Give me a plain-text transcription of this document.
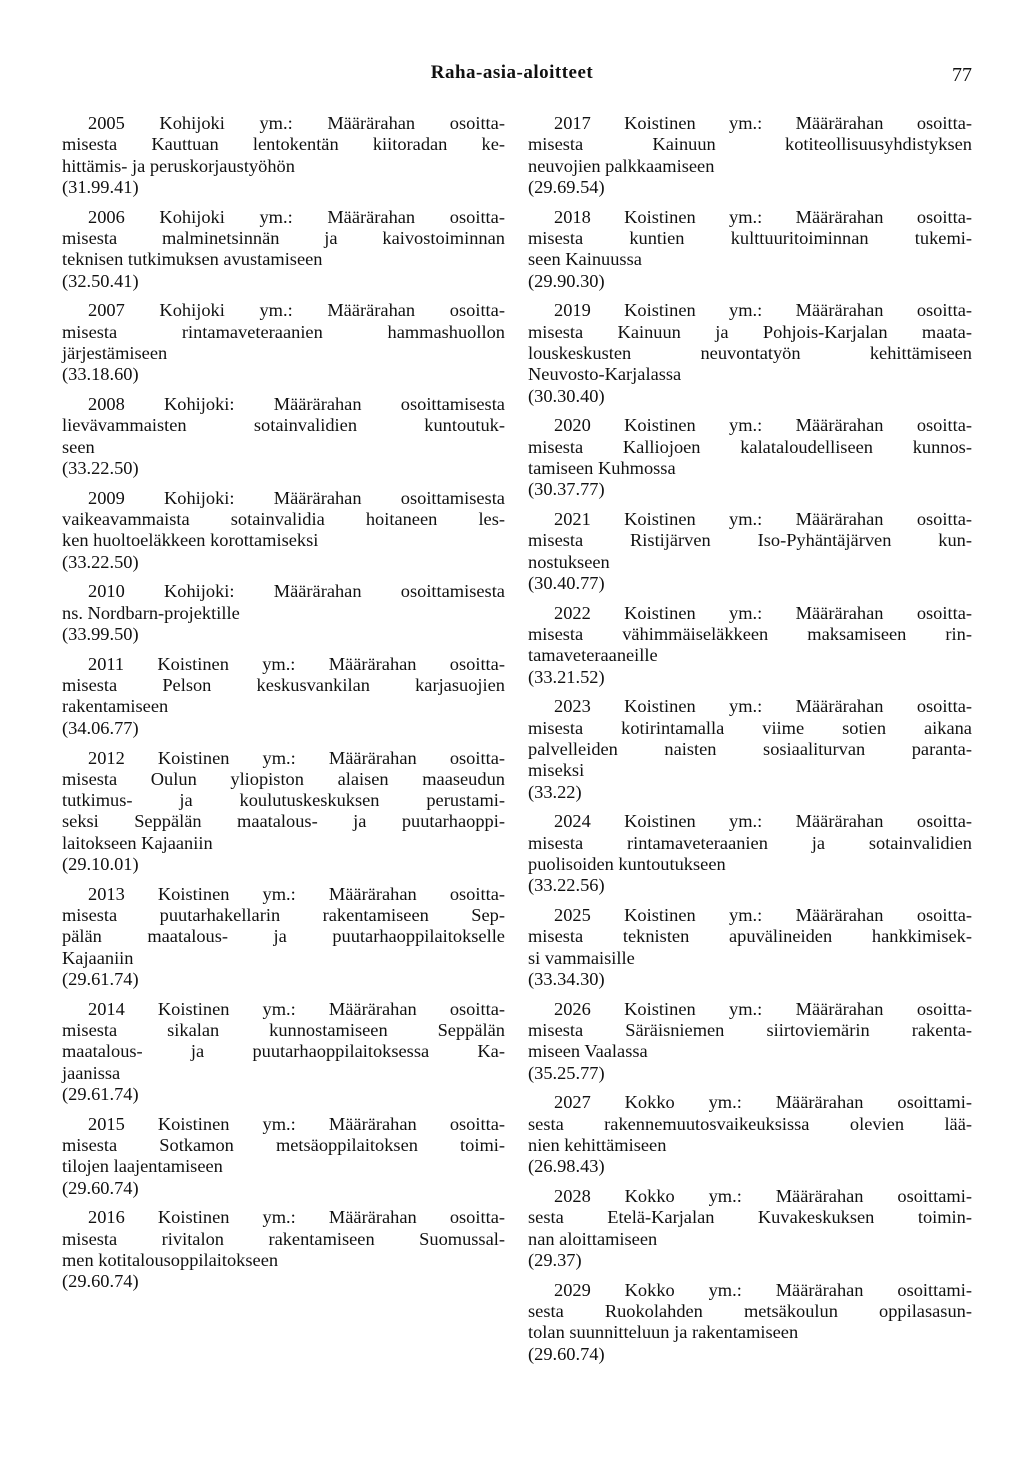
Raha-asia-aloitteet	77
2005 Kohijoki ym.: Määrärahan osoitta-
misesta Kauttuan lentokentän kiitoradan ke-
hittämis- ja peruskorjaustyöhön
(31.99.41)
2006 Kohijoki ym.: Määrärahan osoitta-
misesta malminetsinnän ja kaivostoiminnan
teknisen tutkimuksen avustamiseen
(32.50.41)
2007 Kohijoki ym.: Määrärahan osoitta-
misesta	rintamaveteraanien	hammashuollon
järjestämiseen
(33.18.60)
2008 Kohijoki: Määrärahan osoittamisesta
lievävammaisten	sotainvalidien	kuntoutuk-
seen
(33.22.50)
2009 Kohijoki: Määrärahan osoittamisesta
vaikeavammaista sotainvalidia hoitaneen les-
ken huoltoeläkkeen korottamiseksi
(33.22.50)
2010 Kohijoki: Määrärahan osoittamisesta
ns. Nordbarn-projektille
(33.99.50)
2011 Koistinen ym.: Määrärahan osoitta-
misesta Pelson keskusvankilan karjasuojien
rakentamiseen
(34.06.77)
2012 Koistinen ym.: Määrärahan osoitta-
misesta Oulun yliopiston alaisen maaseudun
tutkimus-	ja	koulutuskeskuksen	perustami-
seksi Seppälän maatalous- ja puutarhaoppi-
laitokseen Kajaaniin
(29.10.01)
2013 Koistinen ym.: Määrärahan osoitta-
misesta puutarhakellarin rakentamiseen Sep-
pälän maatalous- ja puutarhaoppilaitokselle
Kajaaniin
(29.61.74)
2014 Koistinen ym.: Määrärahan osoitta-
misesta	sikalan	kunnostamiseen	Seppälän
maatalous-	ja	puutarhaoppilaitoksessa	Ka-
jaanissa
(29.61.74)
2015 Koistinen ym.: Määrärahan osoitta-
misesta Sotkamon metsäoppilaitoksen toimi-
tilojen laajentamiseen
(29.60.74)
2016 Koistinen ym.: Määrärahan osoitta-
misesta rivitalon rakentamiseen Suomussal-
men kotitalousoppilaitokseen
(29.60.74)
2017 Koistinen ym.: Määrärahan osoitta-
misesta	Kainuun	kotiteollisuusyhdistyksen
neuvojien palkkaamiseen
(29.69.54)
2018 Koistinen ym.: Määrärahan osoitta-
misesta	kuntien	kulttuuritoiminnan	tukemi-
seen Kainuussa
(29.90.30)
2019 Koistinen ym.: Määrärahan osoitta-
misesta Kainuun ja Pohjois-Karjalan maata-
louskeskusten	neuvontatyön	kehittämiseen
Neuvosto-Karjalassa
(30.30.40)
2020 Koistinen ym.: Määrärahan osoitta-
misesta Kalliojoen kalataloudelliseen kunnos-
tamiseen Kuhmossa
(30.37.77)
2021 Koistinen ym.: Määrärahan osoitta-
misesta	Ristijärven	Iso-Pyhäntäjärven	kun-
nostukseen
(30.40.77)
2022 Koistinen ym.: Määrärahan osoitta-
misesta vähimmäiseläkkeen maksamiseen rin-
tamaveteraaneille
(33.21.52)
2023 Koistinen ym.: Määrärahan osoitta-
misesta kotirintamalla viime sotien aikana
palvelleiden	naisten	sosiaaliturvan	paranta-
miseksi
(33.22)
2024 Koistinen ym.: Määrärahan osoitta-
misesta rintamaveteraanien ja sotainvalidien
puolisoiden kuntoutukseen
(33.22.56)
2025 Koistinen ym.: Määrärahan osoitta-
misesta teknisten apuvälineiden hankkimisek-
si vammaisille
(33.34.30)
2026 Koistinen ym.: Määrärahan osoitta-
misesta Säräisniemen siirtoviemärin rakenta-
miseen Vaalassa
(35.25.77)
2027 Kokko ym.: Määrärahan osoittami-
sesta rakennemuutosvaikeuksissa olevien lää-
nien kehittämiseen
(26.98.43)
2028 Kokko ym.: Määrärahan osoittami-
sesta Etelä-Karjalan Kuvakeskuksen toimin-
nan aloittamiseen
(29.37)
2029 Kokko ym.: Määrärahan osoittami-
sesta Ruokolahden metsäkoulun oppilasasun-
tolan suunnitteluun ja rakentamiseen
(29.60.74)
